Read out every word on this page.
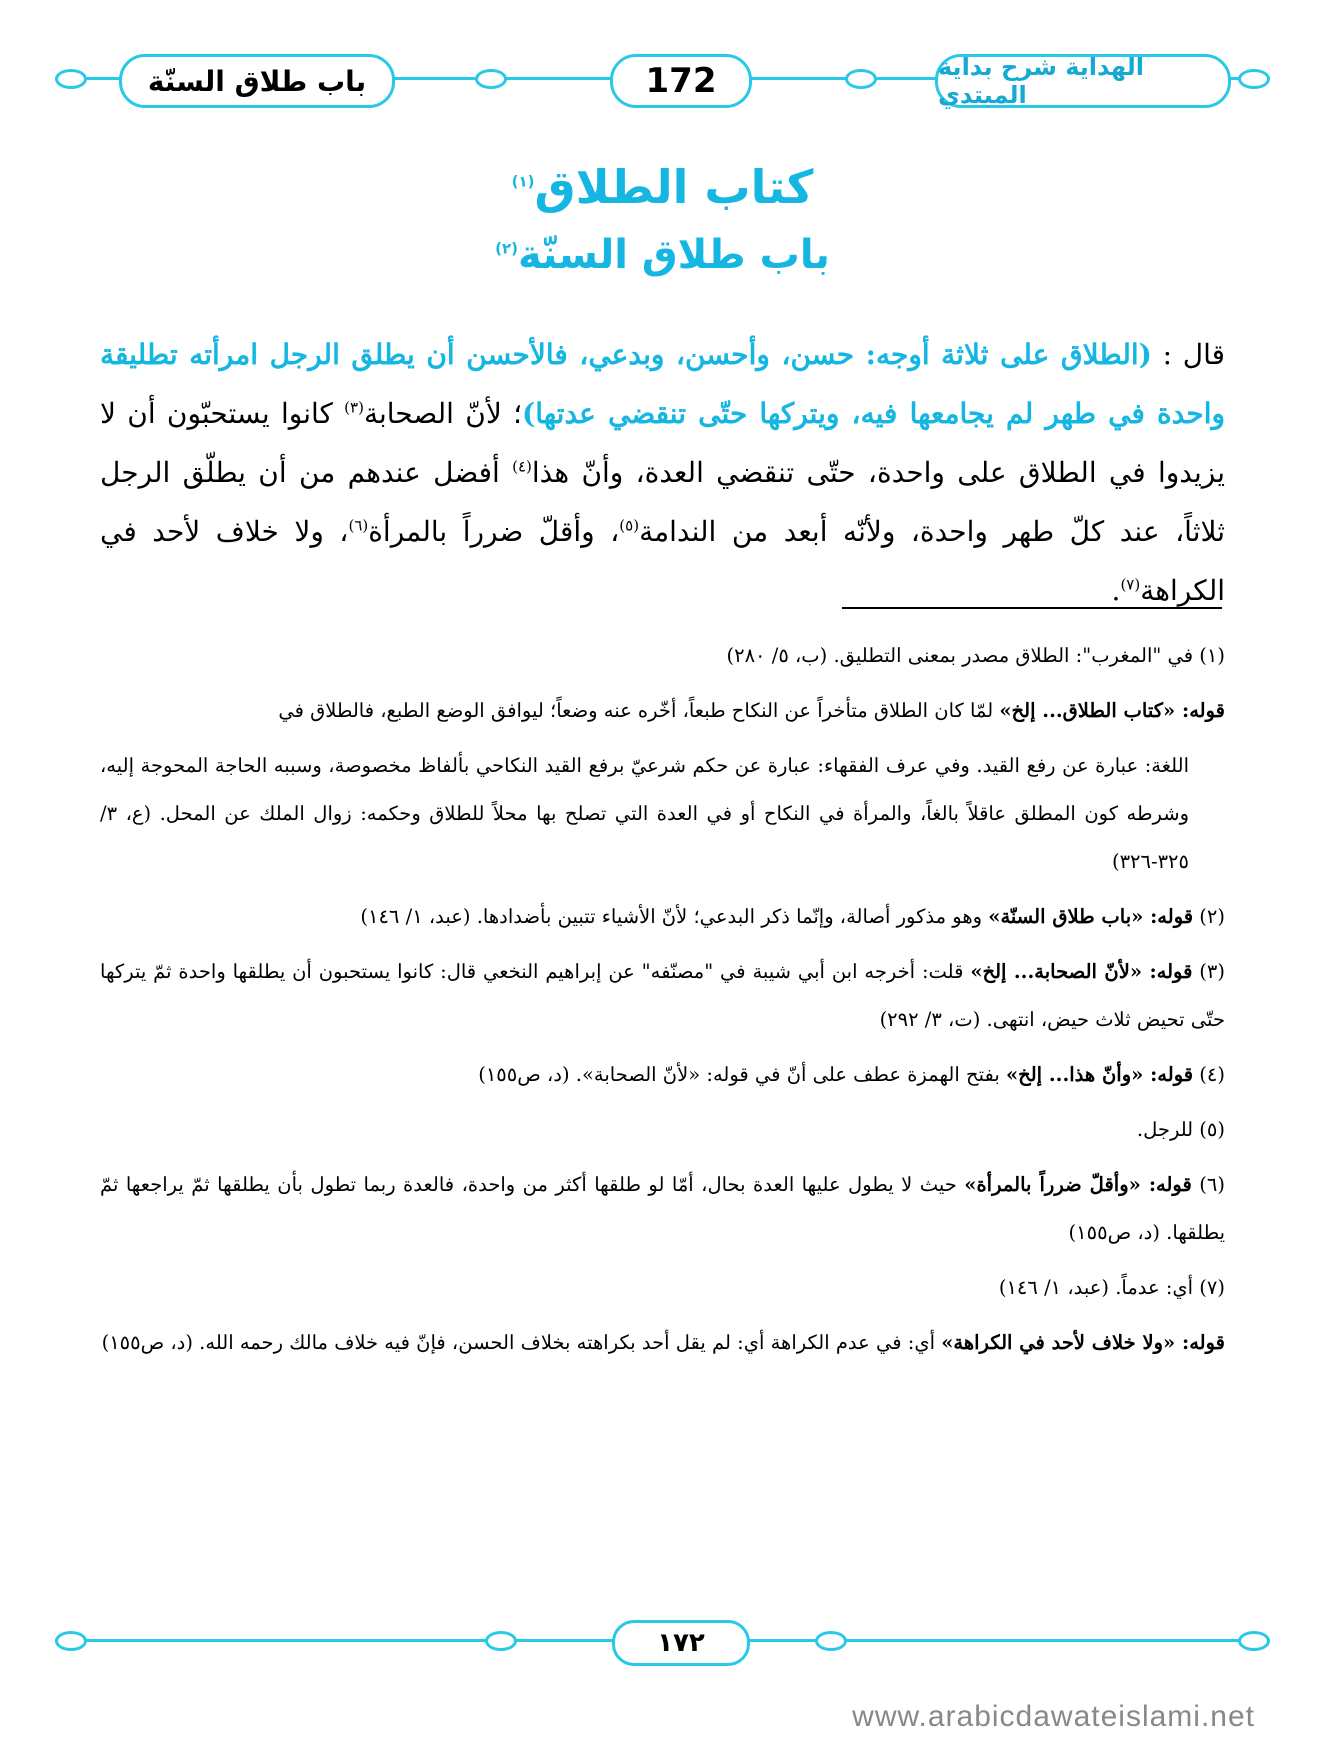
باب طلاق السنّة	172	الهداية شرح بداية المبتدي
كتاب الطلاق$^{(١)}$
باب طلاق السنّة$^{(٢)}$
قال : (الطلاق على ثلاثة أوجه: حسن، وأحسن، وبدعي، فالأحسن أن يطلق الرجل امرأته تطليقة واحدة في طهر لم يجامعها فيه، ويتركها حتّى تنقضي عدتها)؛ لأنّ الصحابة$^{(٣)}$ كانوا يستحبّون أن لا يزيدوا في الطلاق على واحدة، حتّى تنقضي العدة، وأنّ هذا$^{(٤)}$ أفضل عندهم من أن يطلّق الرجل ثلاثاً، عند كلّ طهر واحدة، ولأنّه أبعد من الندامة$^{(٥)}$، وأقلّ ضرراً بالمرأة$^{(٦)}$، ولا خلاف لأحد في الكراهة$^{(٧)}$.

(١) في "المغرب": الطلاق مصدر بمعنى التطليق. (ب، ٥/ ٢٨٠)

قوله: «كتاب الطلاق... إلخ» لمّا كان الطلاق متأخراً عن النكاح طبعاً، أخّره عنه وضعاً؛ ليوافق الوضع الطبع، فالطلاق في

اللغة: عبارة عن رفع القيد. وفي عرف الفقهاء: عبارة عن حكم شرعيّ برفع القيد النكاحي بألفاظ مخصوصة، وسببه الحاجة المحوجة إليه، وشرطه كون المطلق عاقلاً بالغاً، والمرأة في النكاح أو في العدة التي تصلح بها محلاً للطلاق وحكمه: زوال الملك عن المحل. (ع، ٣/ ٣٢٥-٣٢٦)

(٢) قوله: «باب طلاق السنّة» وهو مذكور أصالة، وإنّما ذكر البدعي؛ لأنّ الأشياء تتبين بأضدادها. (عبد، ١/ ١٤٦)

(٣) قوله: «لأنّ الصحابة... إلخ» قلت: أخرجه ابن أبي شيبة في "مصنّفه" عن إبراهيم النخعي قال: كانوا يستحبون أن يطلقها واحدة ثمّ يتركها حتّى تحيض ثلاث حيض، انتهى. (ت، ٣/ ٢٩٢)

(٤) قوله: «وأنّ هذا... إلخ» بفتح الهمزة عطف على أنّ في قوله: «لأنّ الصحابة». (د، ص١٥٥)

(٥) للرجل.

(٦) قوله: «وأقلّ ضرراً بالمرأة» حيث لا يطول عليها العدة بحال، أمّا لو طلقها أكثر من واحدة، فالعدة ربما تطول بأن يطلقها ثمّ يراجعها ثمّ يطلقها. (د، ص١٥٥)

(٧) أي: عدماً. (عبد، ١/ ١٤٦)

قوله: «ولا خلاف لأحد في الكراهة» أي: في عدم الكراهة أي: لم يقل أحد بكراهته بخلاف الحسن، فإنّ فيه خلاف مالك رحمه الله. (د، ص١٥٥)

١٧٢
www.arabicdawateislami.net
